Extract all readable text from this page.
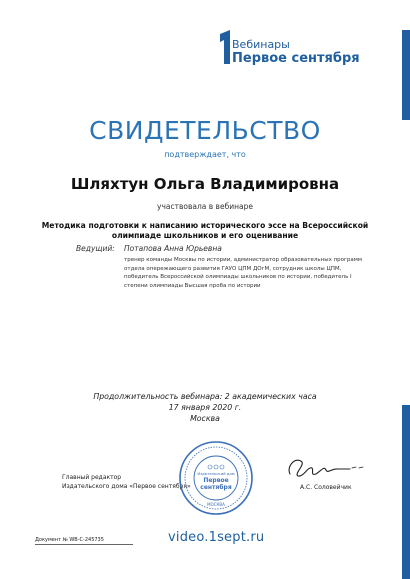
Вебинары
Первое сентября
СВИДЕТЕЛЬСТВО
подтверждает, что
Шляхтун Ольга Владимировна
участвовала в вебинаре
Методика подготовки к написанию исторического эссе на Всероссийской олимпиаде школьников и его оценивание
Ведущий: Потапова Анна Юрьевна
тренер команды Москвы по истории, администратор образовательных программ
отдела опережающего развития ГАУО ЦПМ ДОгМ, сотрудник школы ЦПМ,
победитель Всероссийской олимпиады школьников по истории, победитель I
степени олимпиады Высшая проба по истории
Продолжительность вебинара: 2 академических часа
17 января 2020 г.
Москва
Главный редактор
Издательского дома «Первое сентября»	А.С. Соловейчик
Издательский дом
Первое
сентября
МОСКВА
Документ № WB-С-245735	video.1sept.ru
